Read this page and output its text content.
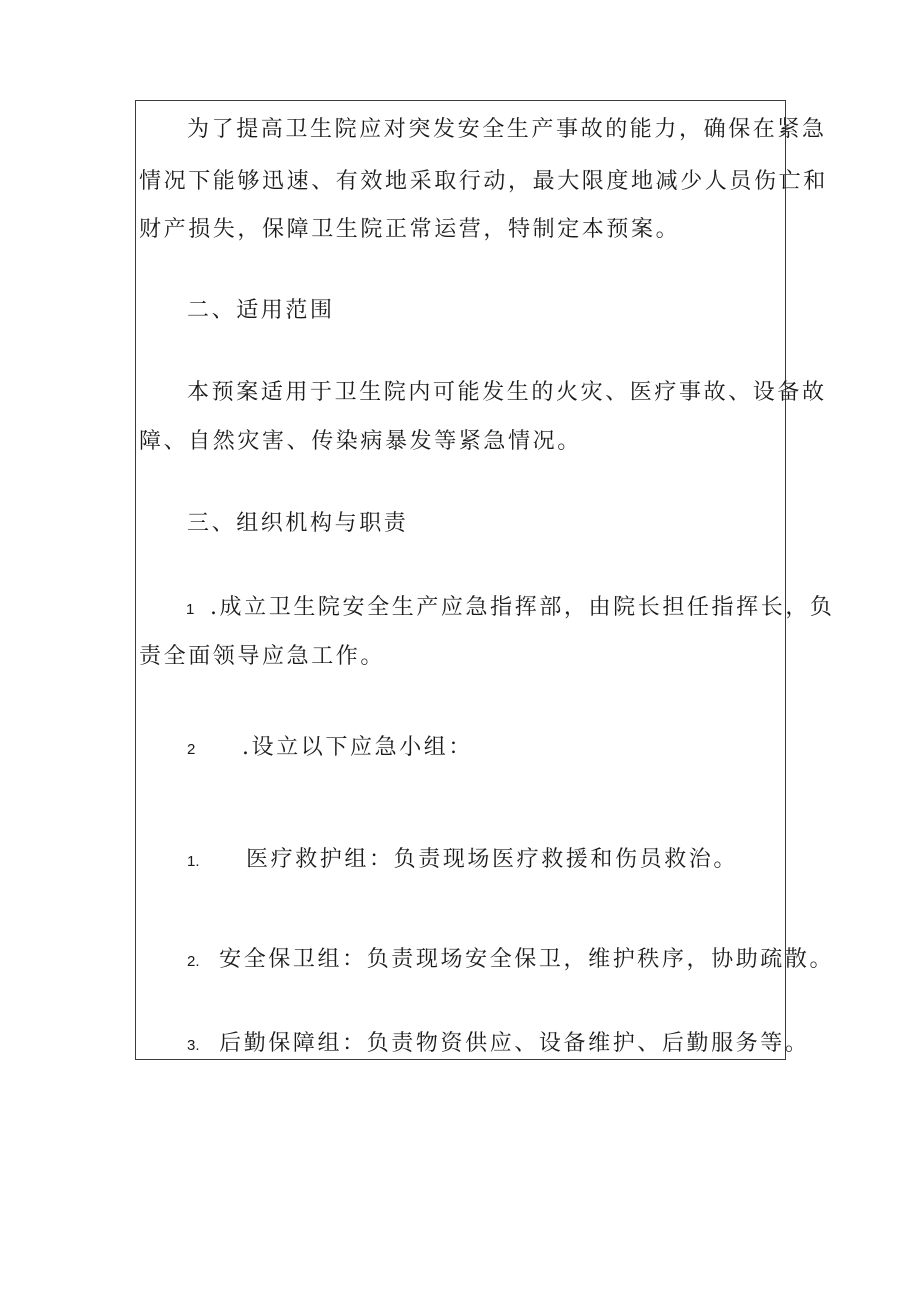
为了提高卫生院应对突发安全生产事故的能力，确保在紧急
情况下能够迅速、有效地采取行动，最大限度地减少人员伤亡和
财产损失，保障卫生院正常运营，特制定本预案。
二、适用范围
本预案适用于卫生院内可能发生的火灾、医疗事故、设备故
障、自然灾害、传染病暴发等紧急情况。
三、组织机构与职责
1 .成立卫生院安全生产应急指挥部，由院长担任指挥长，负
责全面领导应急工作。
2 .设立以下应急小组：
1. 医疗救护组：负责现场医疗救援和伤员救治。
2. 安全保卫组：负责现场安全保卫，维护秩序，协助疏散。
3. 后勤保障组：负责物资供应、设备维护、后勤服务等。
